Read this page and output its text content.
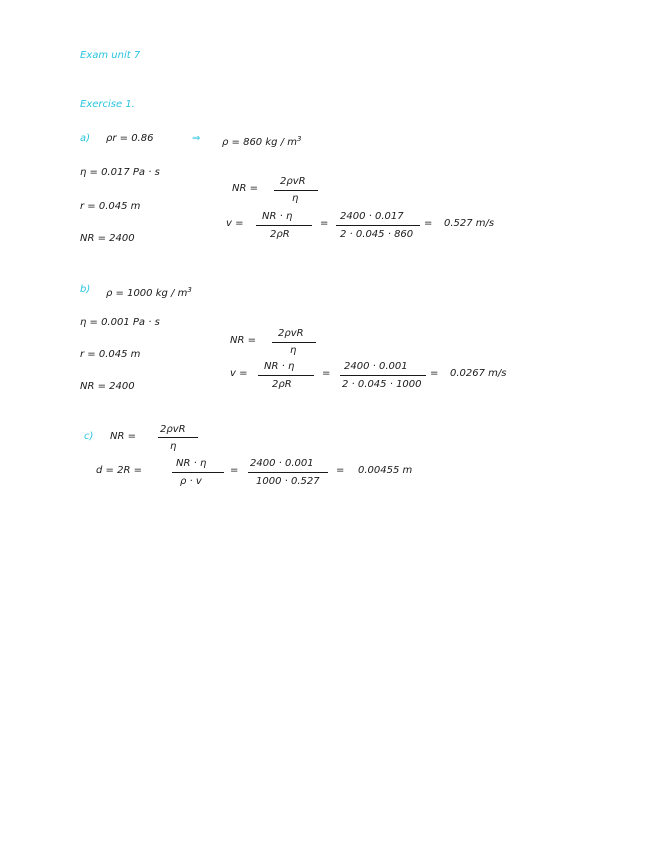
Exam unit 7
Exercise 1.
a) ρr = 0.86	⇒ ρ = 860 kg / $m^3$
η = 0.017 Pa · s
r = 0.045 m
NR = 2400
NR =
2ρvR
η
v =
NR · η
2ρR
=
2400 · 0.017
2 · 0.045 · 860
= 0.527 m/s
b) ρ = 1000 kg / $m^3$
η = 0.001 Pa · s
r = 0.045 m
NR = 2400
NR =
2ρvR
η
v =
NR · η
2ρR
=
2400 · 0.001
2 · 0.045 · 1000
= 0.0267 m/s
c) NR =
2ρvR
η
d = 2R =
NR · η
ρ · v
=
2400 · 0.001
1000 · 0.527
= 0.00455 m
